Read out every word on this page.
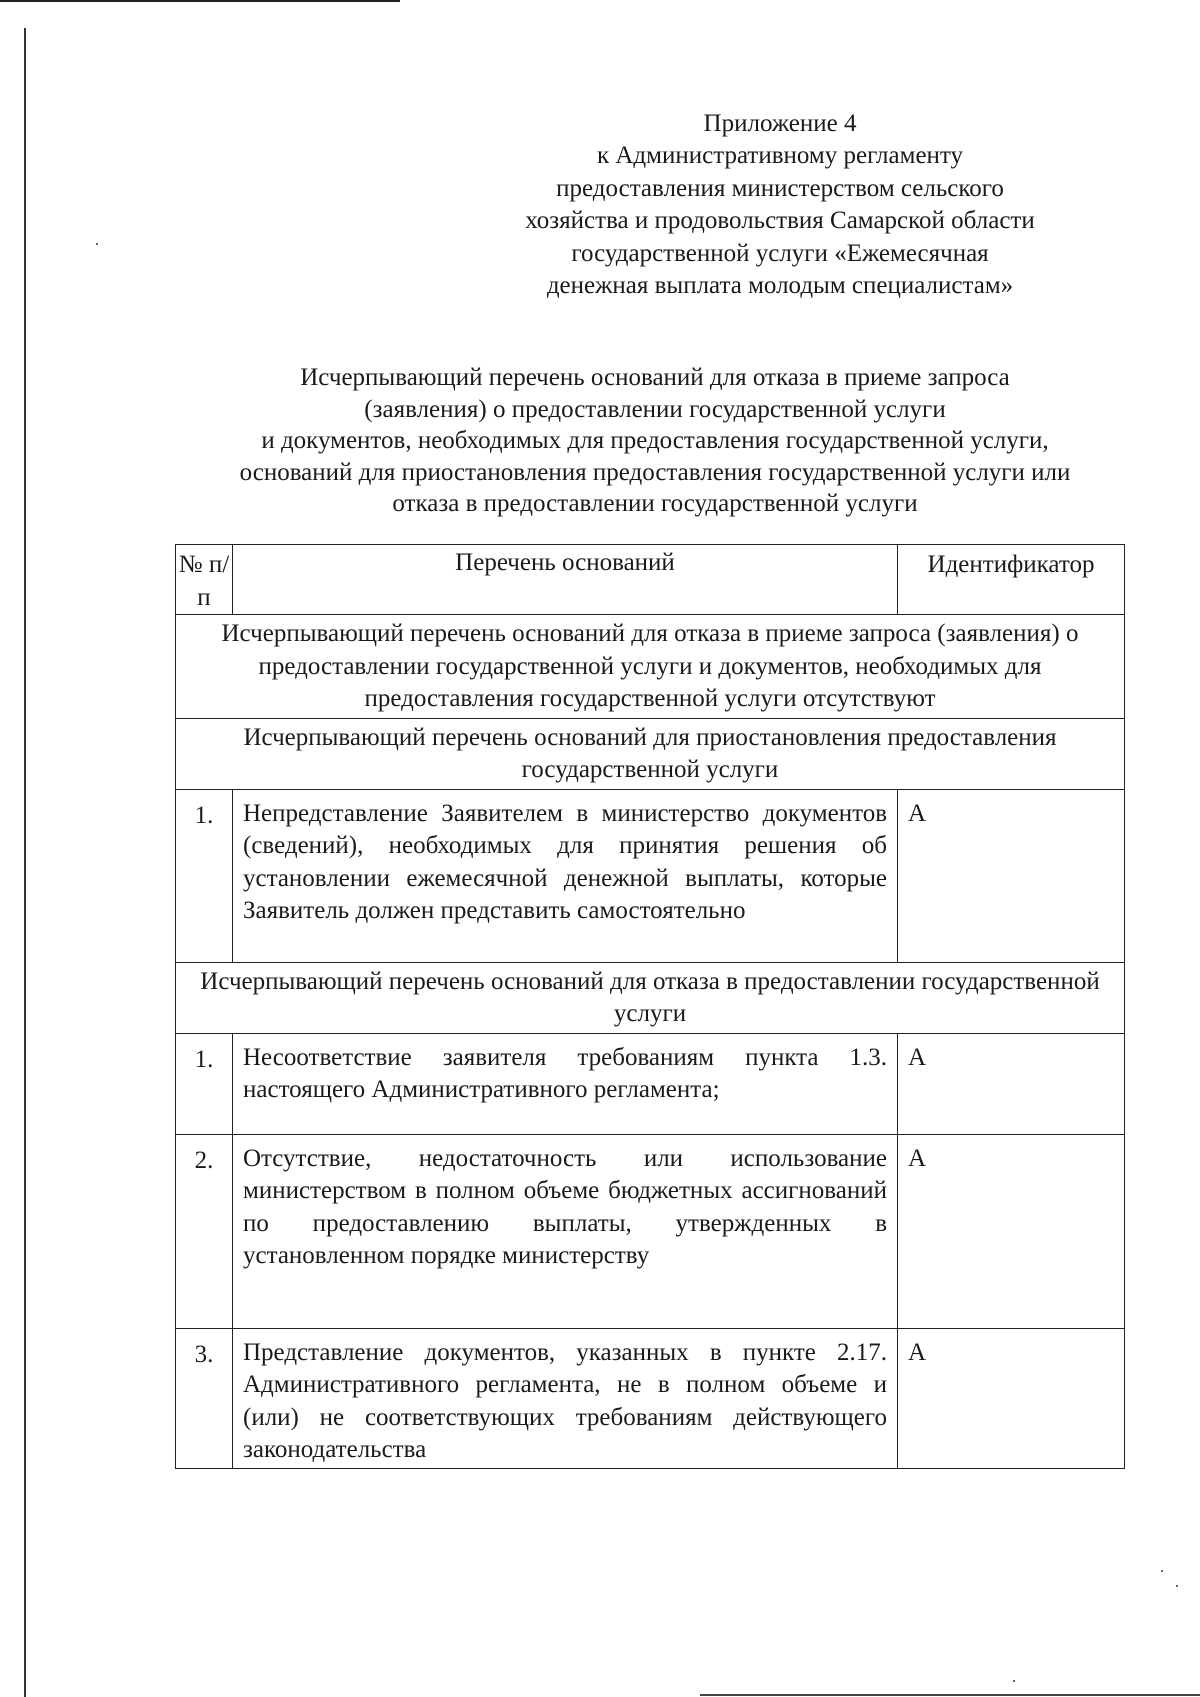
Приложение 4
к Административному регламенту
предоставления министерством сельского
хозяйства и продовольствия Самарской области
государственной услуги «Ежемесячная
денежная выплата молодым специалистам»
Исчерпывающий перечень оснований для отказа в приеме запроса
(заявления) о предоставлении государственной услуги
и документов, необходимых для предоставления государственной услуги,
оснований для приостановления предоставления государственной услуги или
отказа в предоставлении государственной услуги
№ п/п	Перечень оснований	Идентификатор
Исчерпывающий перечень оснований для отказа в приеме запроса (заявления) о предоставлении государственной услуги и документов, необходимых для предоставления государственной услуги отсутствуют		
Исчерпывающий перечень оснований для приостановления предоставления государственной услуги		
1.	Непредставление Заявителем в министерство документов (сведений), необходимых для принятия решения об установлении ежемесячной денежной выплаты, которые Заявитель должен представить самостоятельно	А
Исчерпывающий перечень оснований для отказа в предоставлении государственной услуги		
1.	Несоответствие заявителя требованиям пункта 1.3. настоящего Административного регламента;	А
2.	Отсутствие, недостаточность или использование министерством в полном объеме бюджетных ассигнований по предоставлению выплаты, утвержденных в установленном порядке министерству	А
3.	Представление документов, указанных в пункте 2.17. Административного регламента, не в полном объеме и (или) не соответствующих требованиям действующего законодательства	А
